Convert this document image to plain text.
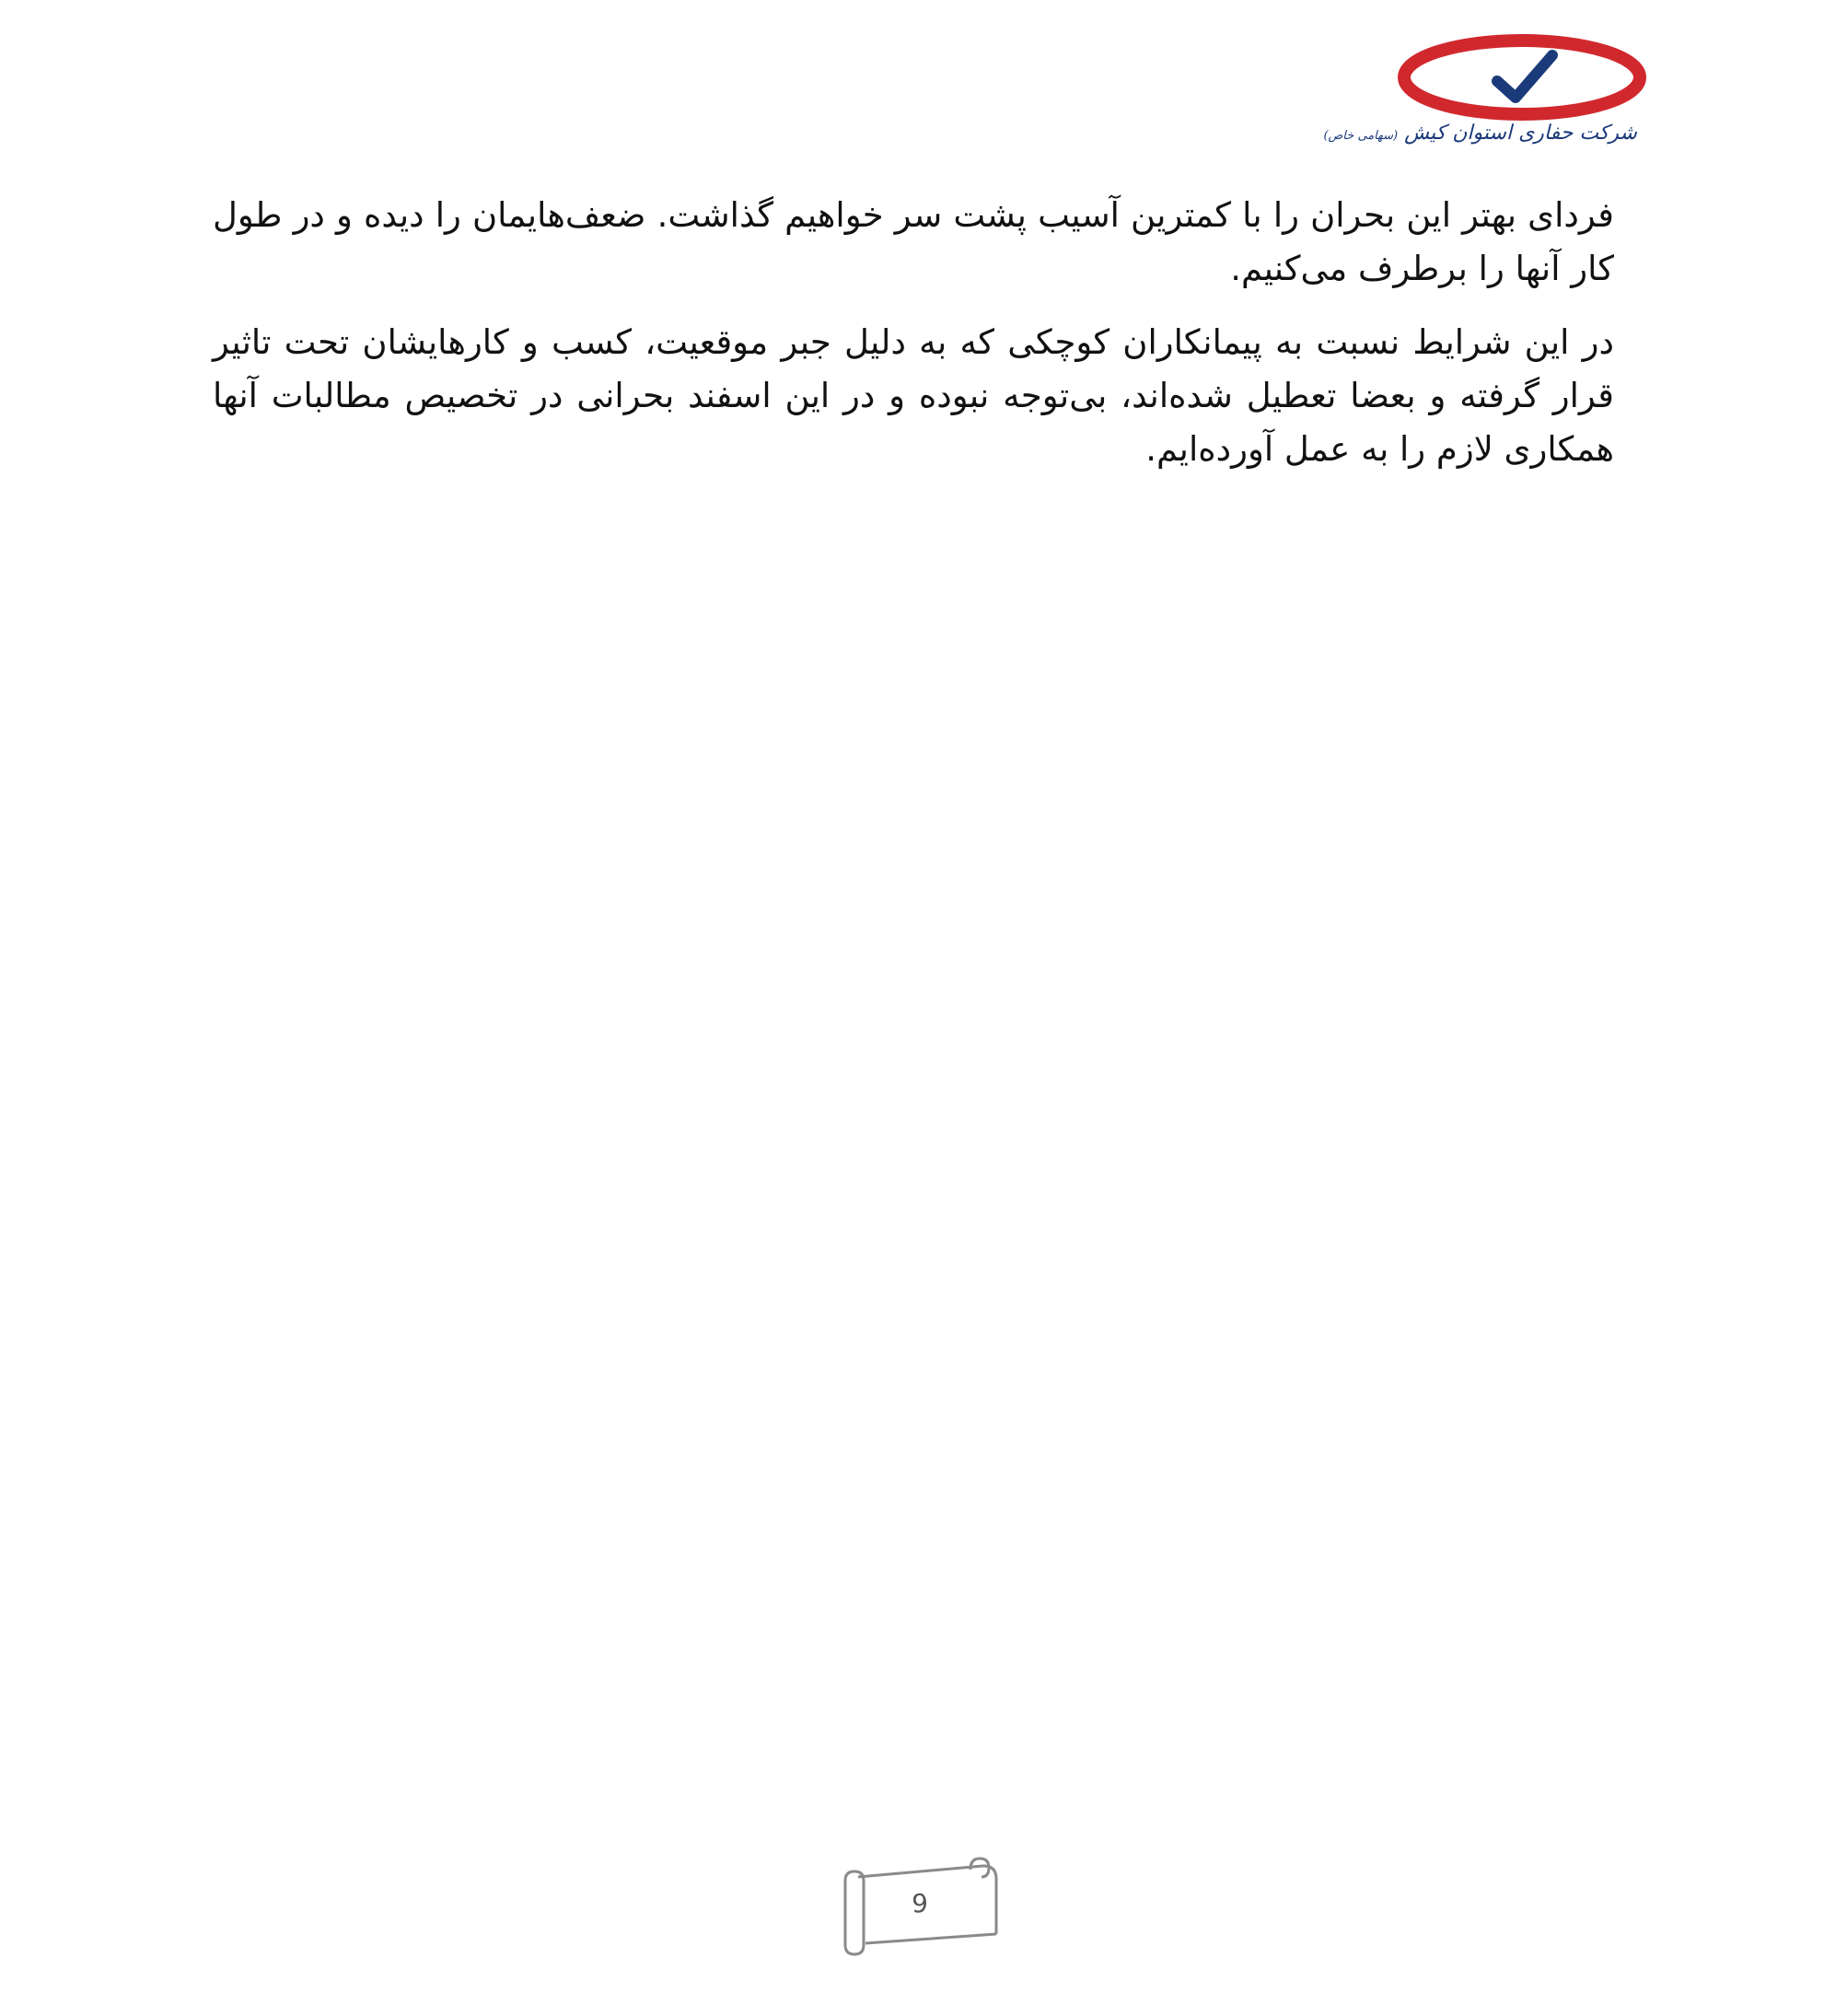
شرکت حفاری استوان کیش (سهامی خاص)

فردای بهتر این بحران را با کمترین آسیب پشت سر خواهیم گذاشت. ضعف‌هایمان را دیده و در طول کار آنها را برطرف می‌کنیم.

در این شرایط نسبت به پیمانکاران کوچکی که به دلیل جبر موقعیت، کسب و کارهایشان تحت تاثیر قرار گرفته و بعضا تعطیل شده‌اند، بی‌توجه نبوده و در این اسفند بحرانی در تخصیص مطالبات آنها همکاری لازم را به عمل آورده‌ایم.

9
